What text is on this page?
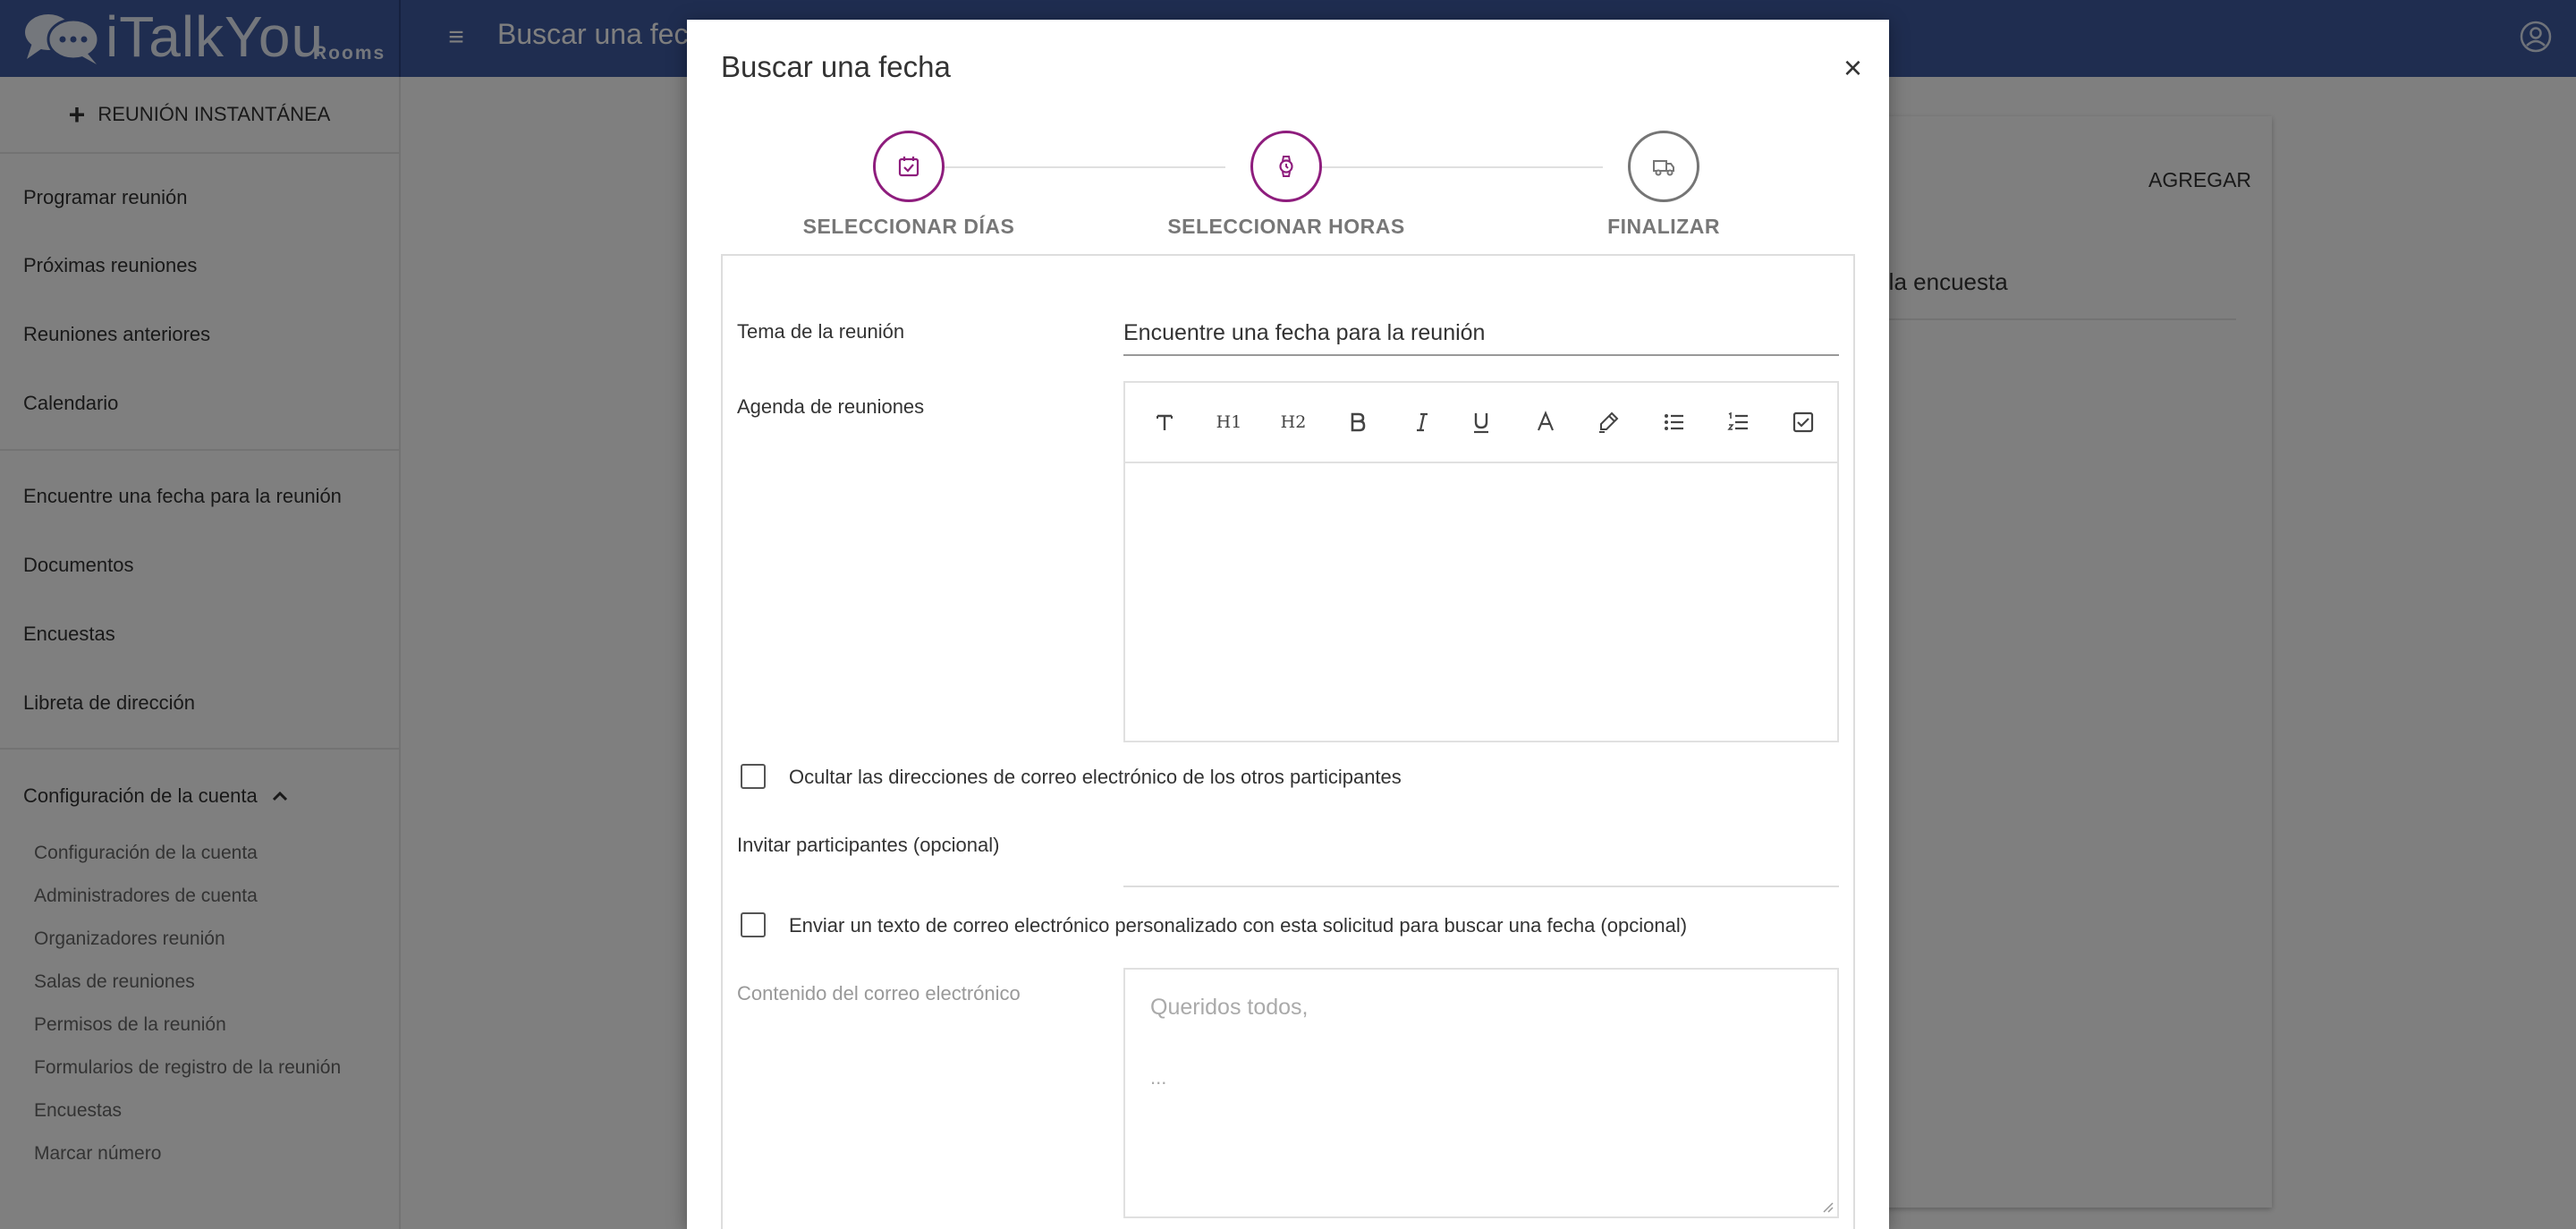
Buscar una fecha	×
SELECCIONAR DÍAS	SELECCIONAR HORAS	FINALIZAR
Tema de la reunión	Encuentre una fecha para la reunión
Agenda de reuniones
H1 H2
Ocultar las direcciones de correo electrónico de los otros participantes
Invitar participantes (opcional)
Enviar un texto de correo electrónico personalizado con esta solicitud para buscar una fecha (opcional)
Contenido del correo electrónico
Queridos todos,
...
